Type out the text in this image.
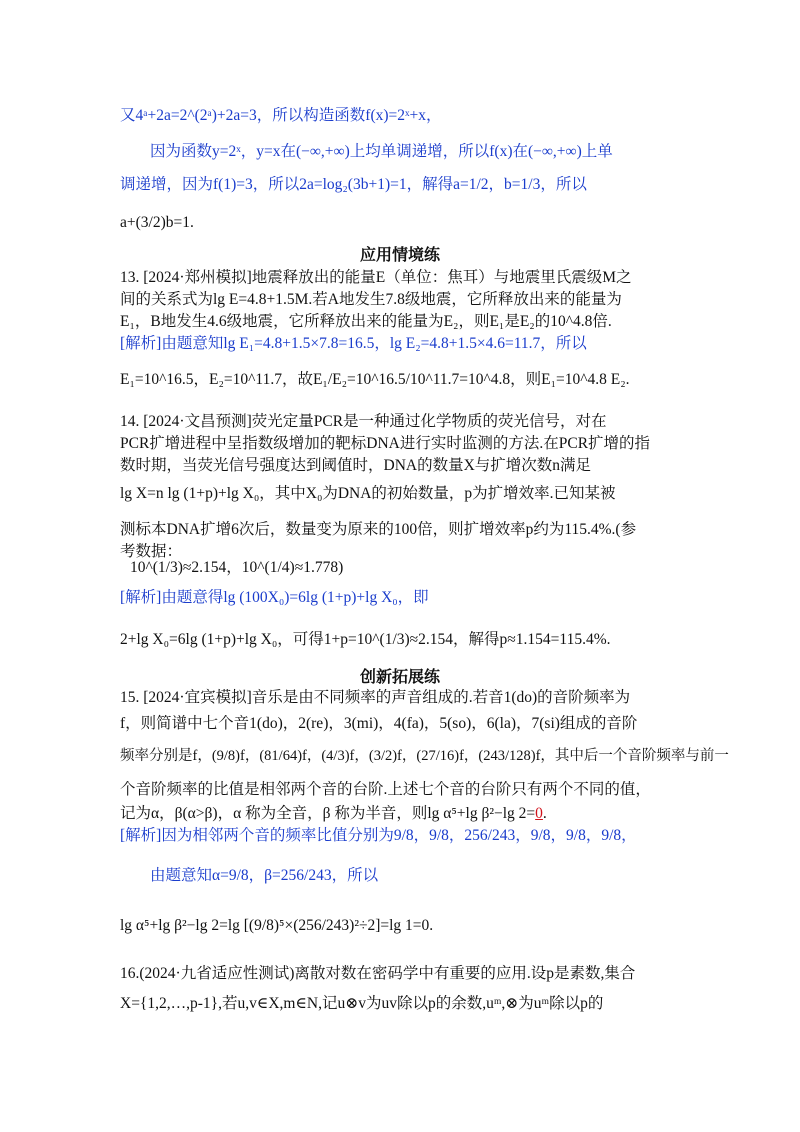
又4ᵃ+2a=2^(2ᵃ)+2a=3，所以构造函数f(x)=2ˣ+x，
因为函数y=2ˣ，y=x在(−∞,+∞)上均单调递增，所以f(x)在(−∞,+∞)上单
调递增，因为f(1)=3，所以2a=log₂(3b+1)=1，解得a=1/2，b=1/3，所以
a+(3/2)b=1.
应用情境练
13. [2024·郑州模拟]地震释放出的能量E（单位：焦耳）与地震里氏震级M之
间的关系式为lg E=4.8+1.5M.若A地发生7.8级地震，它所释放出来的能量为
E₁，B地发生4.6级地震，它所释放出来的能量为E₂，则E₁是E₂的10^4.8倍.
[解析]由题意知lg E₁=4.8+1.5×7.8=16.5，lg E₂=4.8+1.5×4.6=11.7，所以
E₁=10^16.5，E₂=10^11.7，故E₁/E₂=10^16.5/10^11.7=10^4.8，则E₁=10^4.8 E₂.
14. [2024·文昌预测]荧光定量PCR是一种通过化学物质的荧光信号，对在
PCR扩增进程中呈指数级增加的靶标DNA进行实时监测的方法.在PCR扩增的指
数时期，当荧光信号强度达到阈值时，DNA的数量X与扩增次数n满足
lg X=n lg (1+p)+lg X₀，其中X₀为DNA的初始数量，p为扩增效率.已知某被
测标本DNA扩增6次后，数量变为原来的100倍，则扩增效率p约为115.4%.(参
考数据：
10^(1/3)≈2.154，10^(1/4)≈1.778)
[解析]由题意得lg (100X₀)=6lg (1+p)+lg X₀，即
2+lg X₀=6lg (1+p)+lg X₀，可得1+p=10^(1/3)≈2.154，解得p≈1.154=115.4%.
创新拓展练
15. [2024·宜宾模拟]音乐是由不同频率的声音组成的.若音1(do)的音阶频率为
f，则简谱中七个音1(do)，2(re)，3(mi)，4(fa)，5(so)，6(la)，7(si)组成的音阶
频率分别是f，(9/8)f，(81/64)f，(4/3)f，(3/2)f，(27/16)f，(243/128)f，其中后一个音阶频率与前一
个音阶频率的比值是相邻两个音的台阶.上述七个音的台阶只有两个不同的值，
记为α，β(α>β)，α 称为全音，β 称为半音，则lg α⁵+lg β²−lg 2=0.
[解析]因为相邻两个音的频率比值分别为9/8，9/8，256/243，9/8，9/8，9/8，
由题意知α=9/8，β=256/243，所以
lg α⁵+lg β²−lg 2=lg [(9/8)⁵×(256/243)²÷2]=lg 1=0.
16.(2024·九省适应性测试)离散对数在密码学中有重要的应用.设p是素数,集合
X={1,2,…,p-1},若u,v∈X,m∈N,记u⊗v为uv除以p的余数,uᵐ,⊗为uᵐ除以p的
